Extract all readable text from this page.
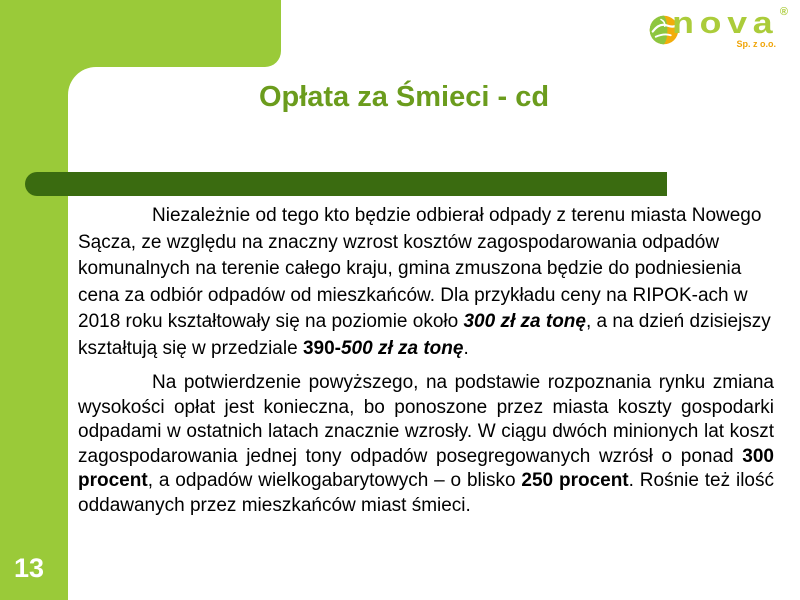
Opłata za Śmieci - cd

Niezależnie od tego kto będzie odbierał odpady z terenu miasta Nowego Sącza, ze względu na znaczny wzrost kosztów zagospodarowania odpadów komunalnych na terenie całego kraju, gmina zmuszona będzie do podniesienia cena za odbiór odpadów od mieszkańców. Dla przykładu ceny na RIPOK-ach w 2018 roku kształtowały się na poziomie około 300 zł za tonę, a na dzień dzisiejszy kształtują się w przedziale 390-500 zł za tonę.

Na potwierdzenie powyższego, na podstawie rozpoznania rynku zmiana wysokości opłat jest konieczna, bo ponoszone przez miasta koszty gospodarki odpadami w ostatnich latach znacznie wzrosły. W ciągu dwóch minionych lat koszt zagospodarowania jednej tony odpadów posegregowanych wzrósł o ponad 300 procent, a odpadów wielkogabarytowych – o blisko 250 procent. Rośnie też ilość oddawanych przez mieszkańców miast śmieci.

nova ®
Sp. z o.o.
13
